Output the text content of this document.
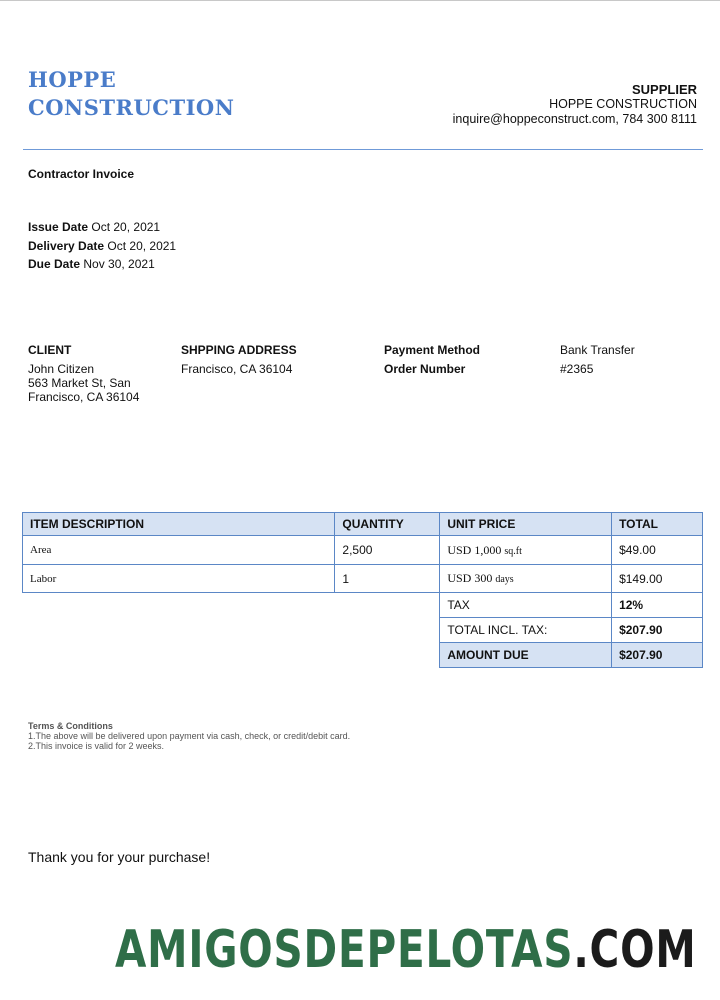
HOPPE
CONSTRUCTION
SUPPLIER
HOPPE CONSTRUCTION
inquire@hoppeconstruct.com, 784 300 8111
Contractor Invoice
Issue Date Oct 20, 2021
Delivery Date Oct 20, 2021
Due Date Nov 30, 2021
CLIENT
John Citizen
563 Market St, San
Francisco, CA 36104
SHPPING ADDRESS
Francisco, CA 36104
Payment Method	Bank Transfer
Order Number	#2365
ITEM DESCRIPTION	QUANTITY	UNIT PRICE	TOTAL
Area	2,500	USD 1,000 sq.ft	$49.00
Labor	1	USD 300 days	$149.00
		TAX	12%
		TOTAL INCL. TAX:	$207.90
		AMOUNT DUE	$207.90
Terms & Conditions
1.The above will be delivered upon payment via cash, check, or credit/debit card.
2.This invoice is valid for 2 weeks.
Thank you for your purchase!
AMIGOSDEPELOTAS.COM
